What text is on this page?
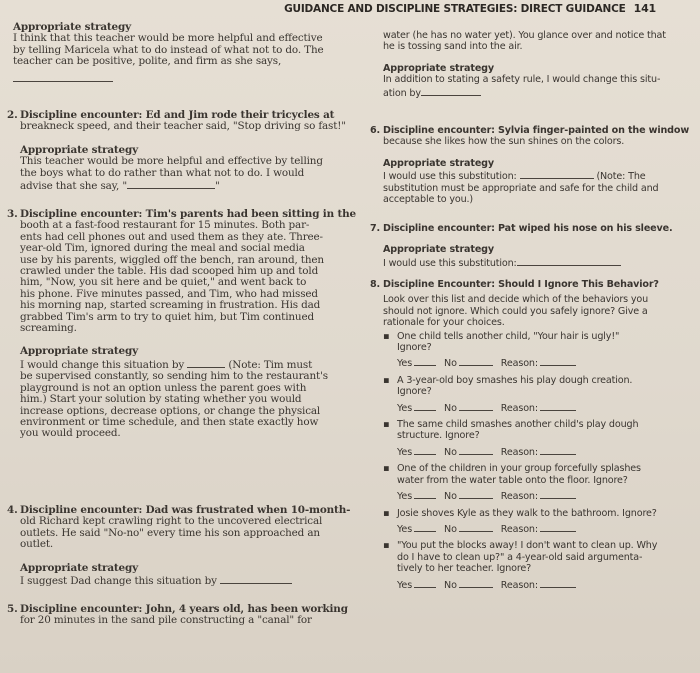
GUIDANCE AND DISCIPLINE STRATEGIES: DIRECT GUIDANCE 141
Appropriate strategy
I think that this teacher would be more helpful and effective
by telling Maricela what to do instead of what not to do. The
teacher can be positive, polite, and firm as she says,
2. Discipline encounter: Ed and Jim rode their tricycles at
breakneck speed, and their teacher said, "Stop driving so fast!"
Appropriate strategy
This teacher would be more helpful and effective by telling
the boys what to do rather than what not to do. I would
advise that she say, "	"
3. Discipline encounter: Tim's parents had been sitting in the
booth at a fast-food restaurant for 15 minutes. Both par-
ents had cell phones out and used them as they ate. Three-
year-old Tim, ignored during the meal and social media
use by his parents, wiggled off the bench, ran around, then
crawled under the table. His dad scooped him up and told
him, "Now, you sit here and be quiet," and went back to
his phone. Five minutes passed, and Tim, who had missed
his morning nap, started screaming in frustration. His dad
grabbed Tim's arm to try to quiet him, but Tim continued
screaming.
Appropriate strategy
I would change this situation by	(Note: Tim must
be supervised constantly, so sending him to the restaurant's
playground is not an option unless the parent goes with
him.) Start your solution by stating whether you would
increase options, decrease options, or change the physical
environment or time schedule, and then state exactly how
you would proceed.
4. Discipline encounter: Dad was frustrated when 10-month-
old Richard kept crawling right to the uncovered electrical
outlets. He said "No-no" every time his son approached an
outlet.
Appropriate strategy
I suggest Dad change this situation by
5. Discipline encounter: John, 4 years old, has been working
for 20 minutes in the sand pile constructing a "canal" for
water (he has no water yet). You glance over and notice that
he is tossing sand into the air.
Appropriate strategy
In addition to stating a safety rule, I would change this situ-
ation by
6. Discipline encounter: Sylvia finger-painted on the window
because she likes how the sun shines on the colors.
Appropriate strategy
I would use this substitution:	(Note: The
substitution must be appropriate and safe for the child and
acceptable to you.)
7. Discipline encounter: Pat wiped his nose on his sleeve.
Appropriate strategy
I would use this substitution:
8. Discipline Encounter: Should I Ignore This Behavior?
Look over this list and decide which of the behaviors you
should not ignore. Which could you safely ignore? Give a
rationale for your choices.
▪ One child tells another child, "Your hair is ugly!"
Ignore?
Yes	No	Reason:
▪ A 3-year-old boy smashes his play dough creation.
Ignore?
Yes	No	Reason:
▪ The same child smashes another child's play dough
structure. Ignore?
Yes	No	Reason:
▪ One of the children in your group forcefully splashes
water from the water table onto the floor. Ignore?
Yes	No	Reason:
▪ Josie shoves Kyle as they walk to the bathroom. Ignore?
Yes	No	Reason:
▪ "You put the blocks away! I don't want to clean up. Why
do I have to clean up?" a 4-year-old said argumenta-
tively to her teacher. Ignore?
Yes	No	Reason:
